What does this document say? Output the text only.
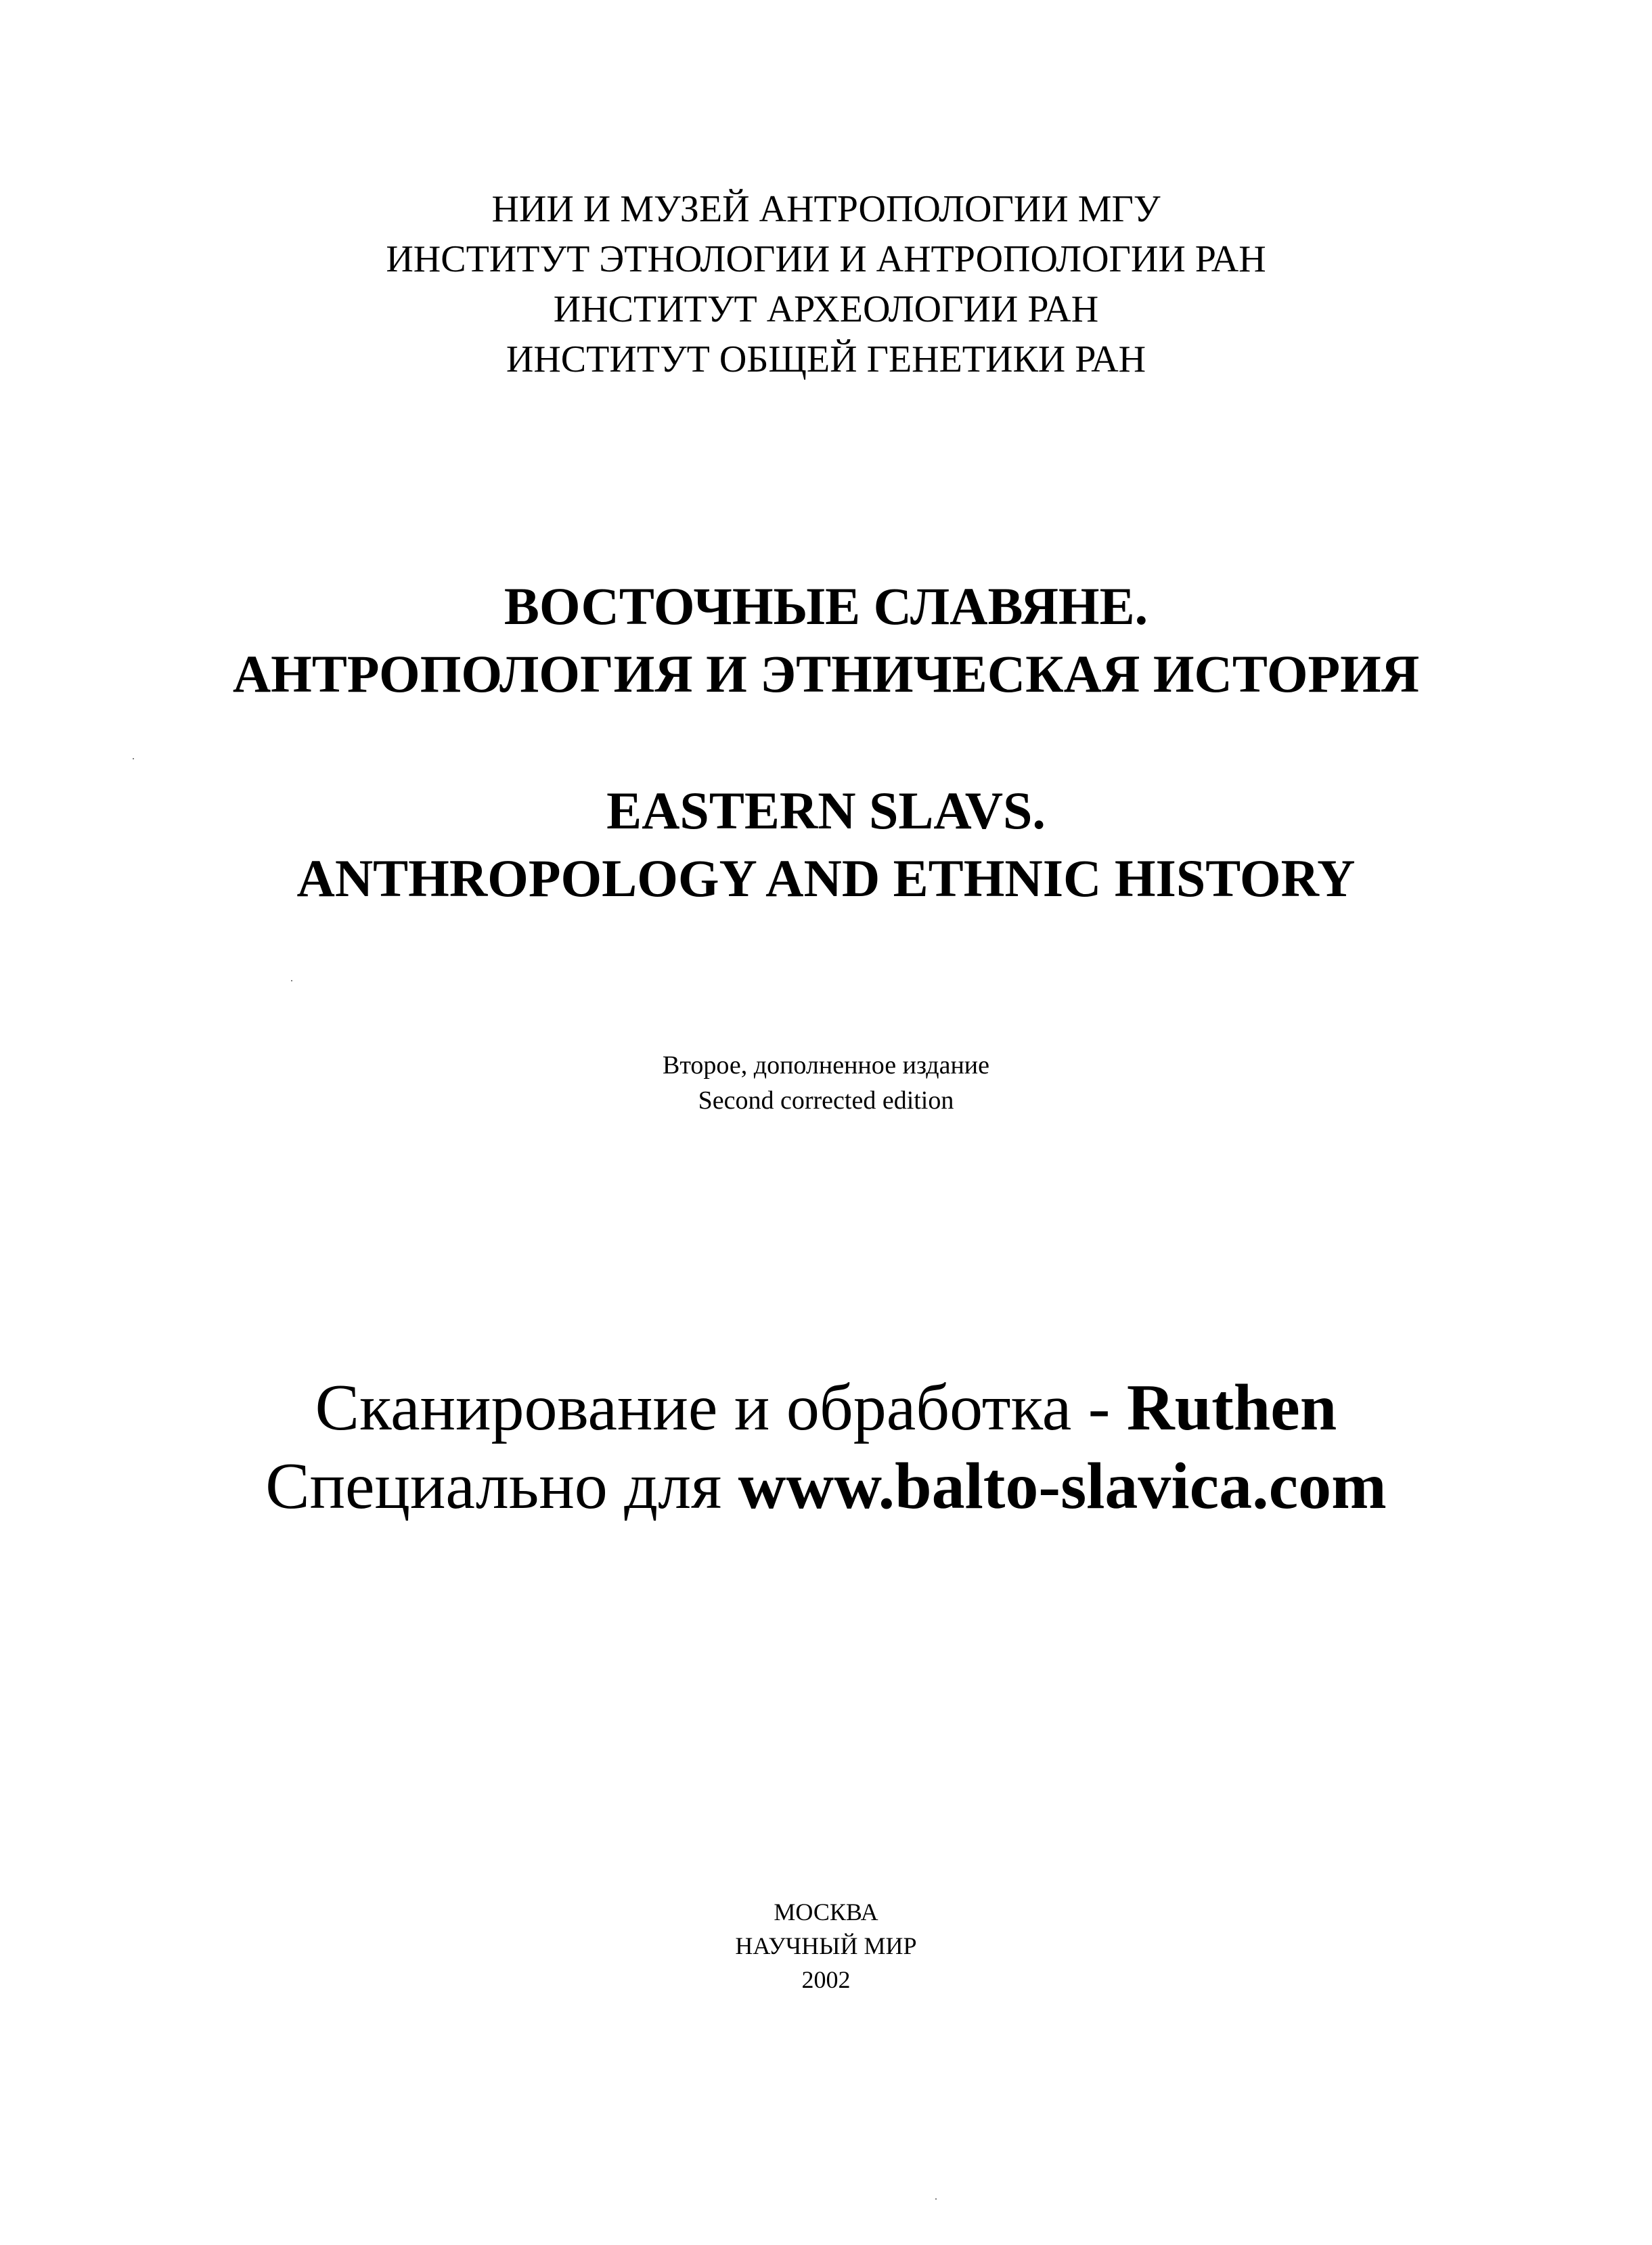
НИИ И МУЗЕЙ АНТРОПОЛОГИИ МГУ
ИНСТИТУТ ЭТНОЛОГИИ И АНТРОПОЛОГИИ РАН
ИНСТИТУТ АРХЕОЛОГИИ РАН
ИНСТИТУТ ОБЩЕЙ ГЕНЕТИКИ РАН
ВОСТОЧНЫЕ СЛАВЯНЕ.
АНТРОПОЛОГИЯ И ЭТНИЧЕСКАЯ ИСТОРИЯ
EASTERN SLAVS.
ANTHROPOLOGY AND ETHNIC HISTORY
Второе, дополненное издание
Second corrected edition
Сканирование и обработка - Ruthen
Специально для www.balto-slavica.com
МОСКВА
НАУЧНЫЙ МИР
2002
